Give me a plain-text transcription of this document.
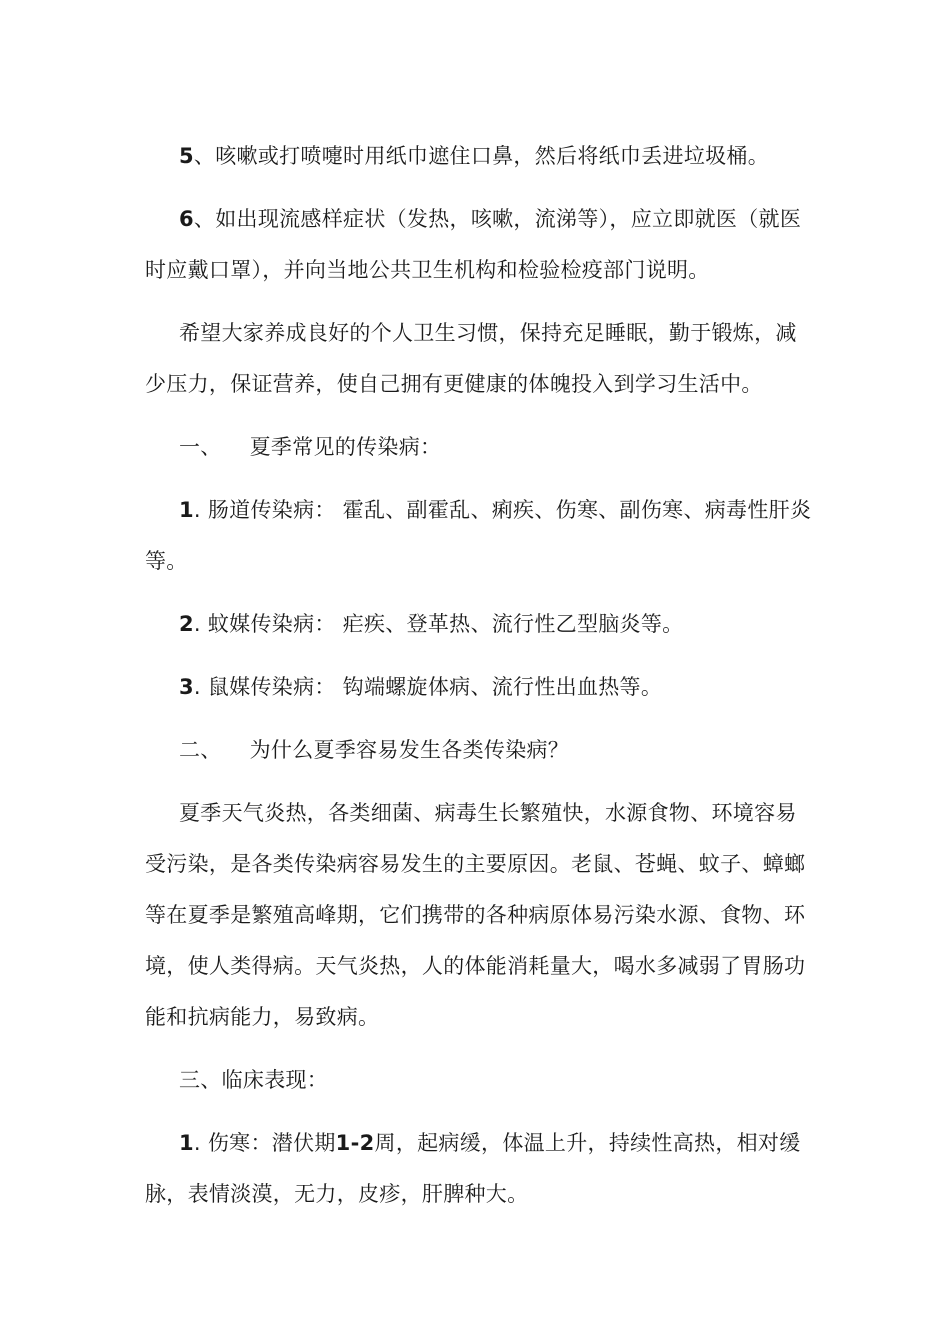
5、咳嗽或打喷嚏时用纸巾遮住口鼻，然后将纸巾丢进垃圾桶。

6、如出现流感样症状（发热，咳嗽，流涕等），应立即就医（就医时应戴口罩），并向当地公共卫生机构和检验检疫部门说明。

希望大家养成良好的个人卫生习惯，保持充足睡眠，勤于锻炼，减少压力，保证营养，使自己拥有更健康的体魄投入到学习生活中。

一、 夏季常见的传染病：

1. 肠道传染病： 霍乱、副霍乱、痢疾、伤寒、副伤寒、病毒性肝炎等。

2. 蚊媒传染病： 疟疾、登革热、流行性乙型脑炎等。

3. 鼠媒传染病： 钩端螺旋体病、流行性出血热等。

二、 为什么夏季容易发生各类传染病？

夏季天气炎热，各类细菌、病毒生长繁殖快，水源食物、环境容易受污染，是各类传染病容易发生的主要原因。老鼠、苍蝇、蚊子、蟑螂等在夏季是繁殖高峰期，它们携带的各种病原体易污染水源、食物、环境，使人类得病。天气炎热，人的体能消耗量大，喝水多减弱了胃肠功能和抗病能力，易致病。

三、临床表现：

1. 伤寒：潜伏期1-2周，起病缓，体温上升，持续性高热，相对缓脉，表情淡漠，无力，皮疹，肝脾种大。
